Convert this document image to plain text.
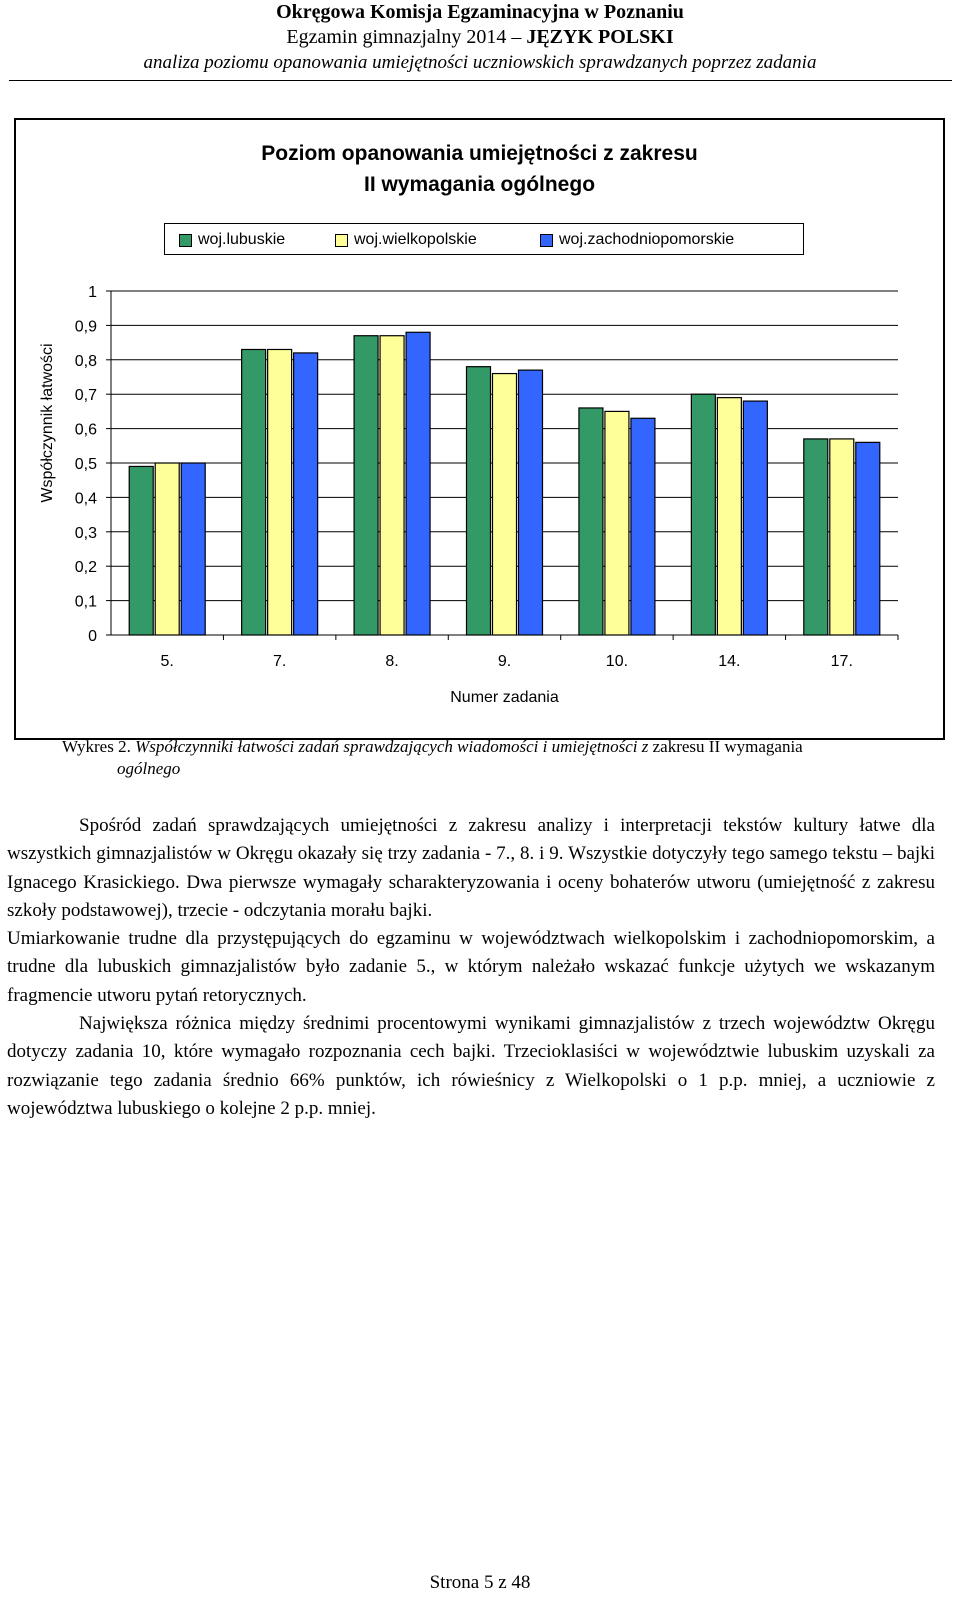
Okręgowa Komisja Egzaminacyjna w Poznaniu
Egzamin gimnazjalny 2014 – JĘZYK POLSKI
analiza poziomu opanowania umiejętności uczniowskich sprawdzanych poprzez zadania
Poziom opanowania umiejętności z zakresu
II wymagania ogólnego
woj.lubuskie	woj.wielkopolskie	woj.zachodniopomorskie
0
0,1
0,2
0,3
0,4
0,5
0,6
0,7
0,8
0,9
1
5.	7.	8.	9.	10.	14.	17.
Numer zadania
Współczynnik łatwości
Wykres 2. Współczynniki łatwości zadań sprawdzających wiadomości i umiejętności z zakresu II wymagania
ogólnego

Spośród zadań sprawdzających umiejętności z zakresu analizy i interpretacji tekstów kultury łatwe dla wszystkich gimnazjalistów w Okręgu okazały się trzy zadania - 7., 8. i 9. Wszystkie dotyczyły tego samego tekstu – bajki Ignacego Krasickiego. Dwa pierwsze wymagały scharakteryzowania i oceny bohaterów utworu (umiejętność z zakresu szkoły podstawowej), trzecie - odczytania morału bajki.

Umiarkowanie trudne dla przystępujących do egzaminu w województwach wielkopolskim i zachodniopomorskim, a trudne dla lubuskich gimnazjalistów było zadanie 5., w którym należało wskazać funkcje użytych we wskazanym fragmencie utworu pytań retorycznych.

Największa różnica między średnimi procentowymi wynikami gimnazjalistów z trzech województw Okręgu dotyczy zadania 10, które wymagało rozpoznania cech bajki. Trzecioklasiści w województwie lubuskim uzyskali za rozwiązanie tego zadania średnio 66% punktów, ich rówieśnicy z Wielkopolski o 1 p.p. mniej, a uczniowie z województwa lubuskiego o kolejne 2 p.p. mniej.

Strona 5 z 48
